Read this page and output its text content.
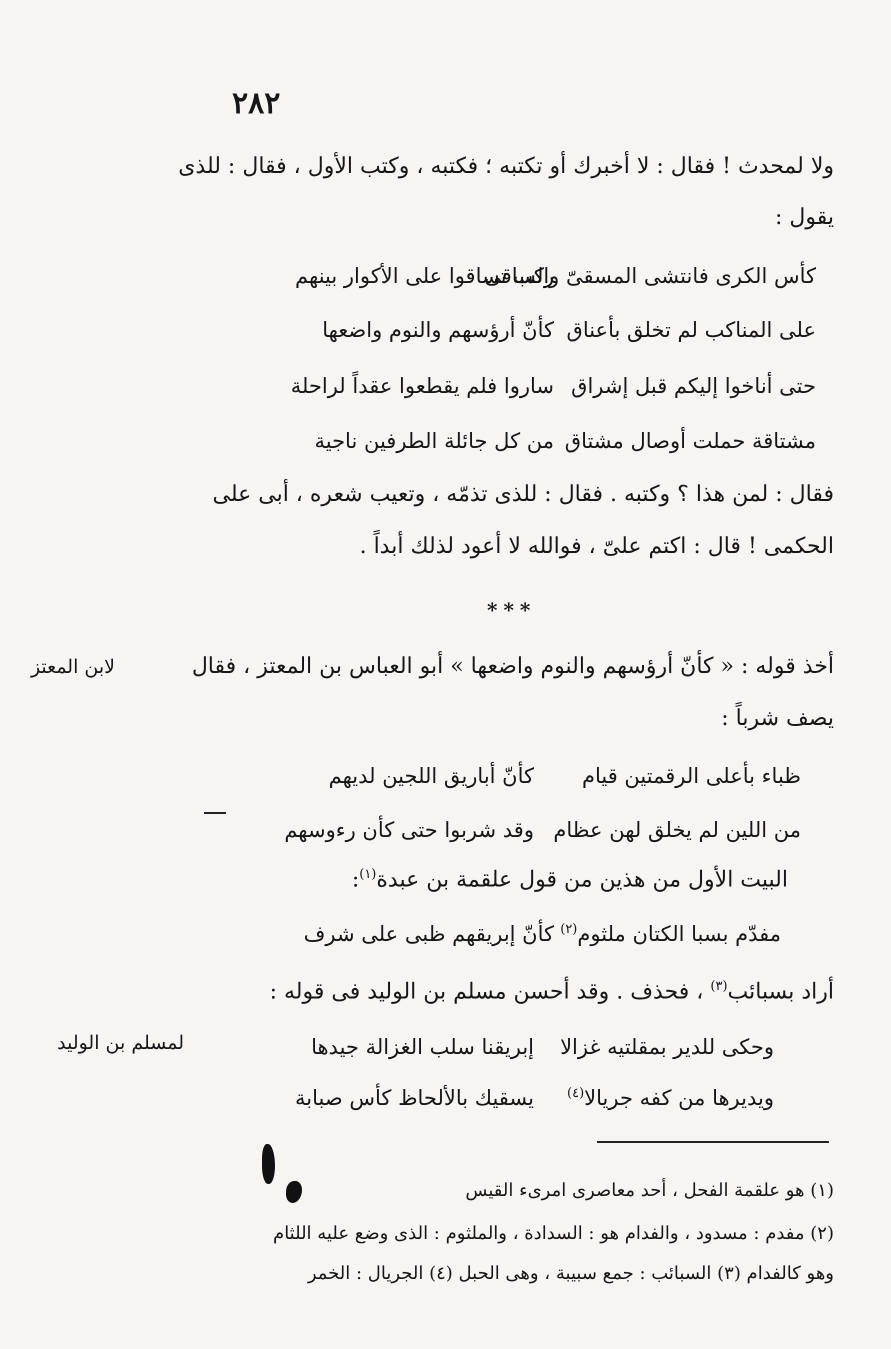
٢٨٢
ولا لمحدث ! فقال : لا أخبرك أو تكتبه ؛ فكتبه ، وكتب الأول ، فقال : للذى
يقول :
ركب تساقوا على الأكوار بينهم
كأس الكرى فانتشى المسقىّ والساقى
كأنّ أرؤسهم والنوم واضعها على المناكب لم تخلق بأعناق
ساروا فلم يقطعوا عقداً لراحلة حتى أناخوا إليكم قبل إشراق
من كل جائلة الطرفين ناجية مشتاقة حملت أوصال مشتاق
فقال : لمن هذا ؟ وكتبه . فقال : للذى تذمّه ، وتعيب شعره ، أبى على
الحكمى ! قال : اكتم علىّ ، فوالله لا أعود لذلك أبداً .
***
لابن المعتز	أخذ قوله : « كأنّ أرؤسهم والنوم واضعها » أبو العباس بن المعتز ، فقال
يصف شرباً :
كأنّ أباريق اللجين لديهم ظباء بأعلى الرقمتين قيام
وقد شربوا حتى كأن رءوسهم من اللين لم يخلق لهن عظام
البيت الأول من هذين من قول علقمة بن عبدة$^{(١)}$:
كأنّ إبريقهم ظبى على شرف	مفدّم بسبا الكتان ملثوم$^{(٢)}$
أراد بسبائب$^{(٣)}$ ، فحذف . وقد أحسن مسلم بن الوليد فى قوله :
لمسلم بن الوليد	إبريقنا سلب الغزالة جيدها وحكى للدير بمقلتيه غزالا
يسقيك بالألحاظ كأس صبابة	ويديرها من كفه جريالا$^{(٤)}$
(١) هو علقمة الفحل ، أحد معاصرى امرىء القيس
(٢) مفدم : مسدود ، والفدام هو : السدادة ، والملثوم : الذى وضع عليه اللثام
وهو كالفدام (٣) السبائب : جمع سبيبة ، وهى الحبل (٤) الجريال : الخمر
